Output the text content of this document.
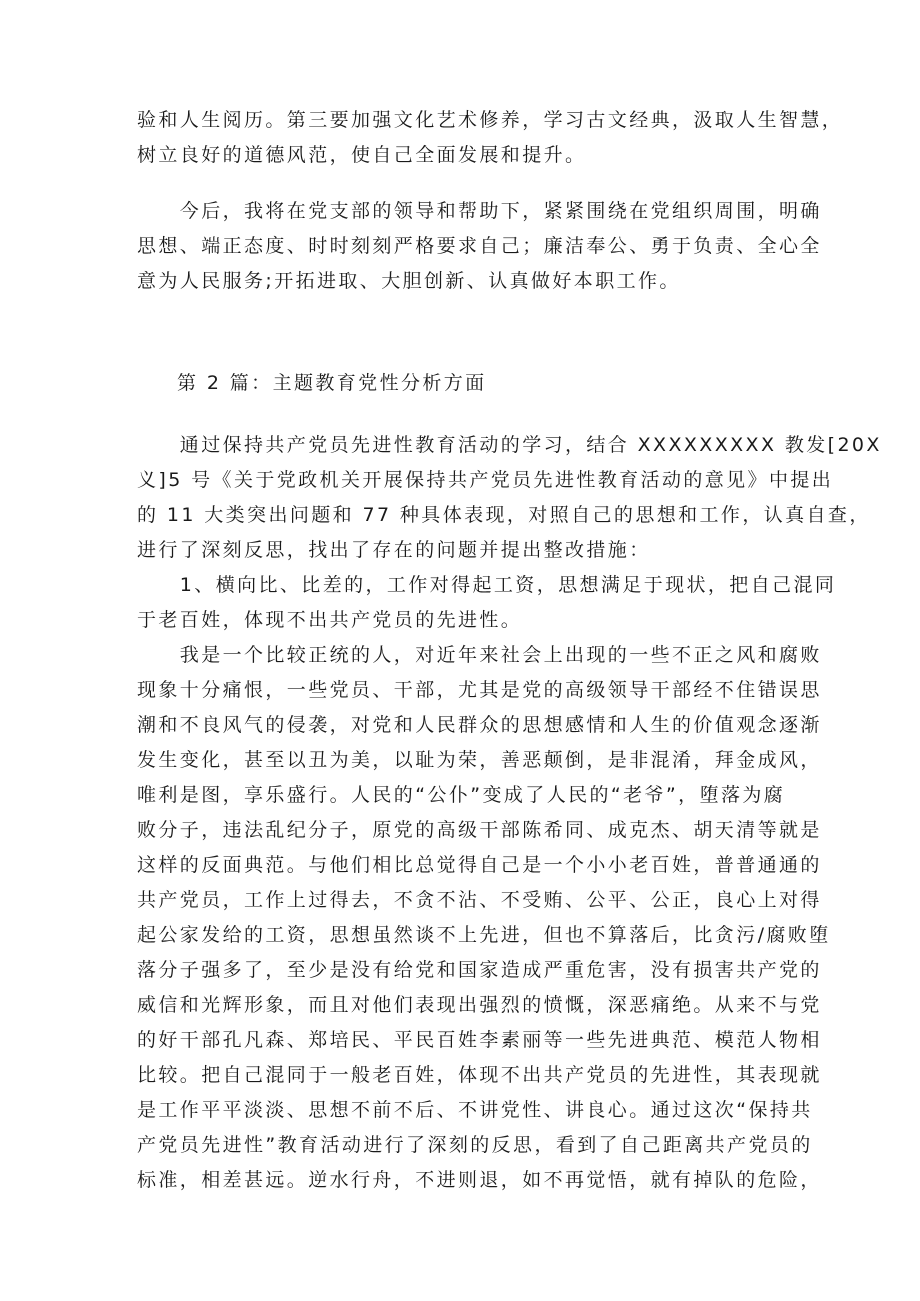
验和人生阅历。第三要加强文化艺术修养，学习古文经典，汲取人生智慧，
树立良好的道德风范，使自己全面发展和提升。
　　今后，我将在党支部的领导和帮助下，紧紧围绕在党组织周围，明确
思想、端正态度、时时刻刻严格要求自己；廉洁奉公、勇于负责、全心全
意为人民服务;开拓进取、大胆创新、认真做好本职工作。
第 2 篇：主题教育党性分析方面
　　通过保持共产党员先进性教育活动的学习，结合 XXXXXXXXX 教发[20X
义]5 号《关于党政机关开展保持共产党员先进性教育活动的意见》中提出
的 11 大类突出问题和 77 种具体表现，对照自己的思想和工作，认真自查，
进行了深刻反思，找出了存在的问题并提出整改措施：
　　1、横向比、比差的，工作对得起工资，思想满足于现状，把自己混同
于老百姓，体现不出共产党员的先进性。
　　我是一个比较正统的人，对近年来社会上出现的一些不正之风和腐败
现象十分痛恨，一些党员、干部，尤其是党的高级领导干部经不住错误思
潮和不良风气的侵袭，对党和人民群众的思想感情和人生的价值观念逐渐
发生变化，甚至以丑为美，以耻为荣，善恶颠倒，是非混淆，拜金成风，
唯利是图，享乐盛行。人民的“公仆”变成了人民的“老爷”，堕落为腐
败分子，违法乱纪分子，原党的高级干部陈希同、成克杰、胡天清等就是
这样的反面典范。与他们相比总觉得自己是一个小小老百姓，普普通通的
共产党员，工作上过得去，不贪不沾、不受贿、公平、公正，良心上对得
起公家发给的工资，思想虽然谈不上先进，但也不算落后，比贪污/腐败堕
落分子强多了，至少是没有给党和国家造成严重危害，没有损害共产党的
威信和光辉形象，而且对他们表现出强烈的愤慨，深恶痛绝。从来不与党
的好干部孔凡森、郑培民、平民百姓李素丽等一些先进典范、模范人物相
比较。把自己混同于一般老百姓，体现不出共产党员的先进性，其表现就
是工作平平淡淡、思想不前不后、不讲党性、讲良心。通过这次“保持共
产党员先进性”教育活动进行了深刻的反思，看到了自己距离共产党员的
标准，相差甚远。逆水行舟，不进则退，如不再觉悟，就有掉队的危险，
